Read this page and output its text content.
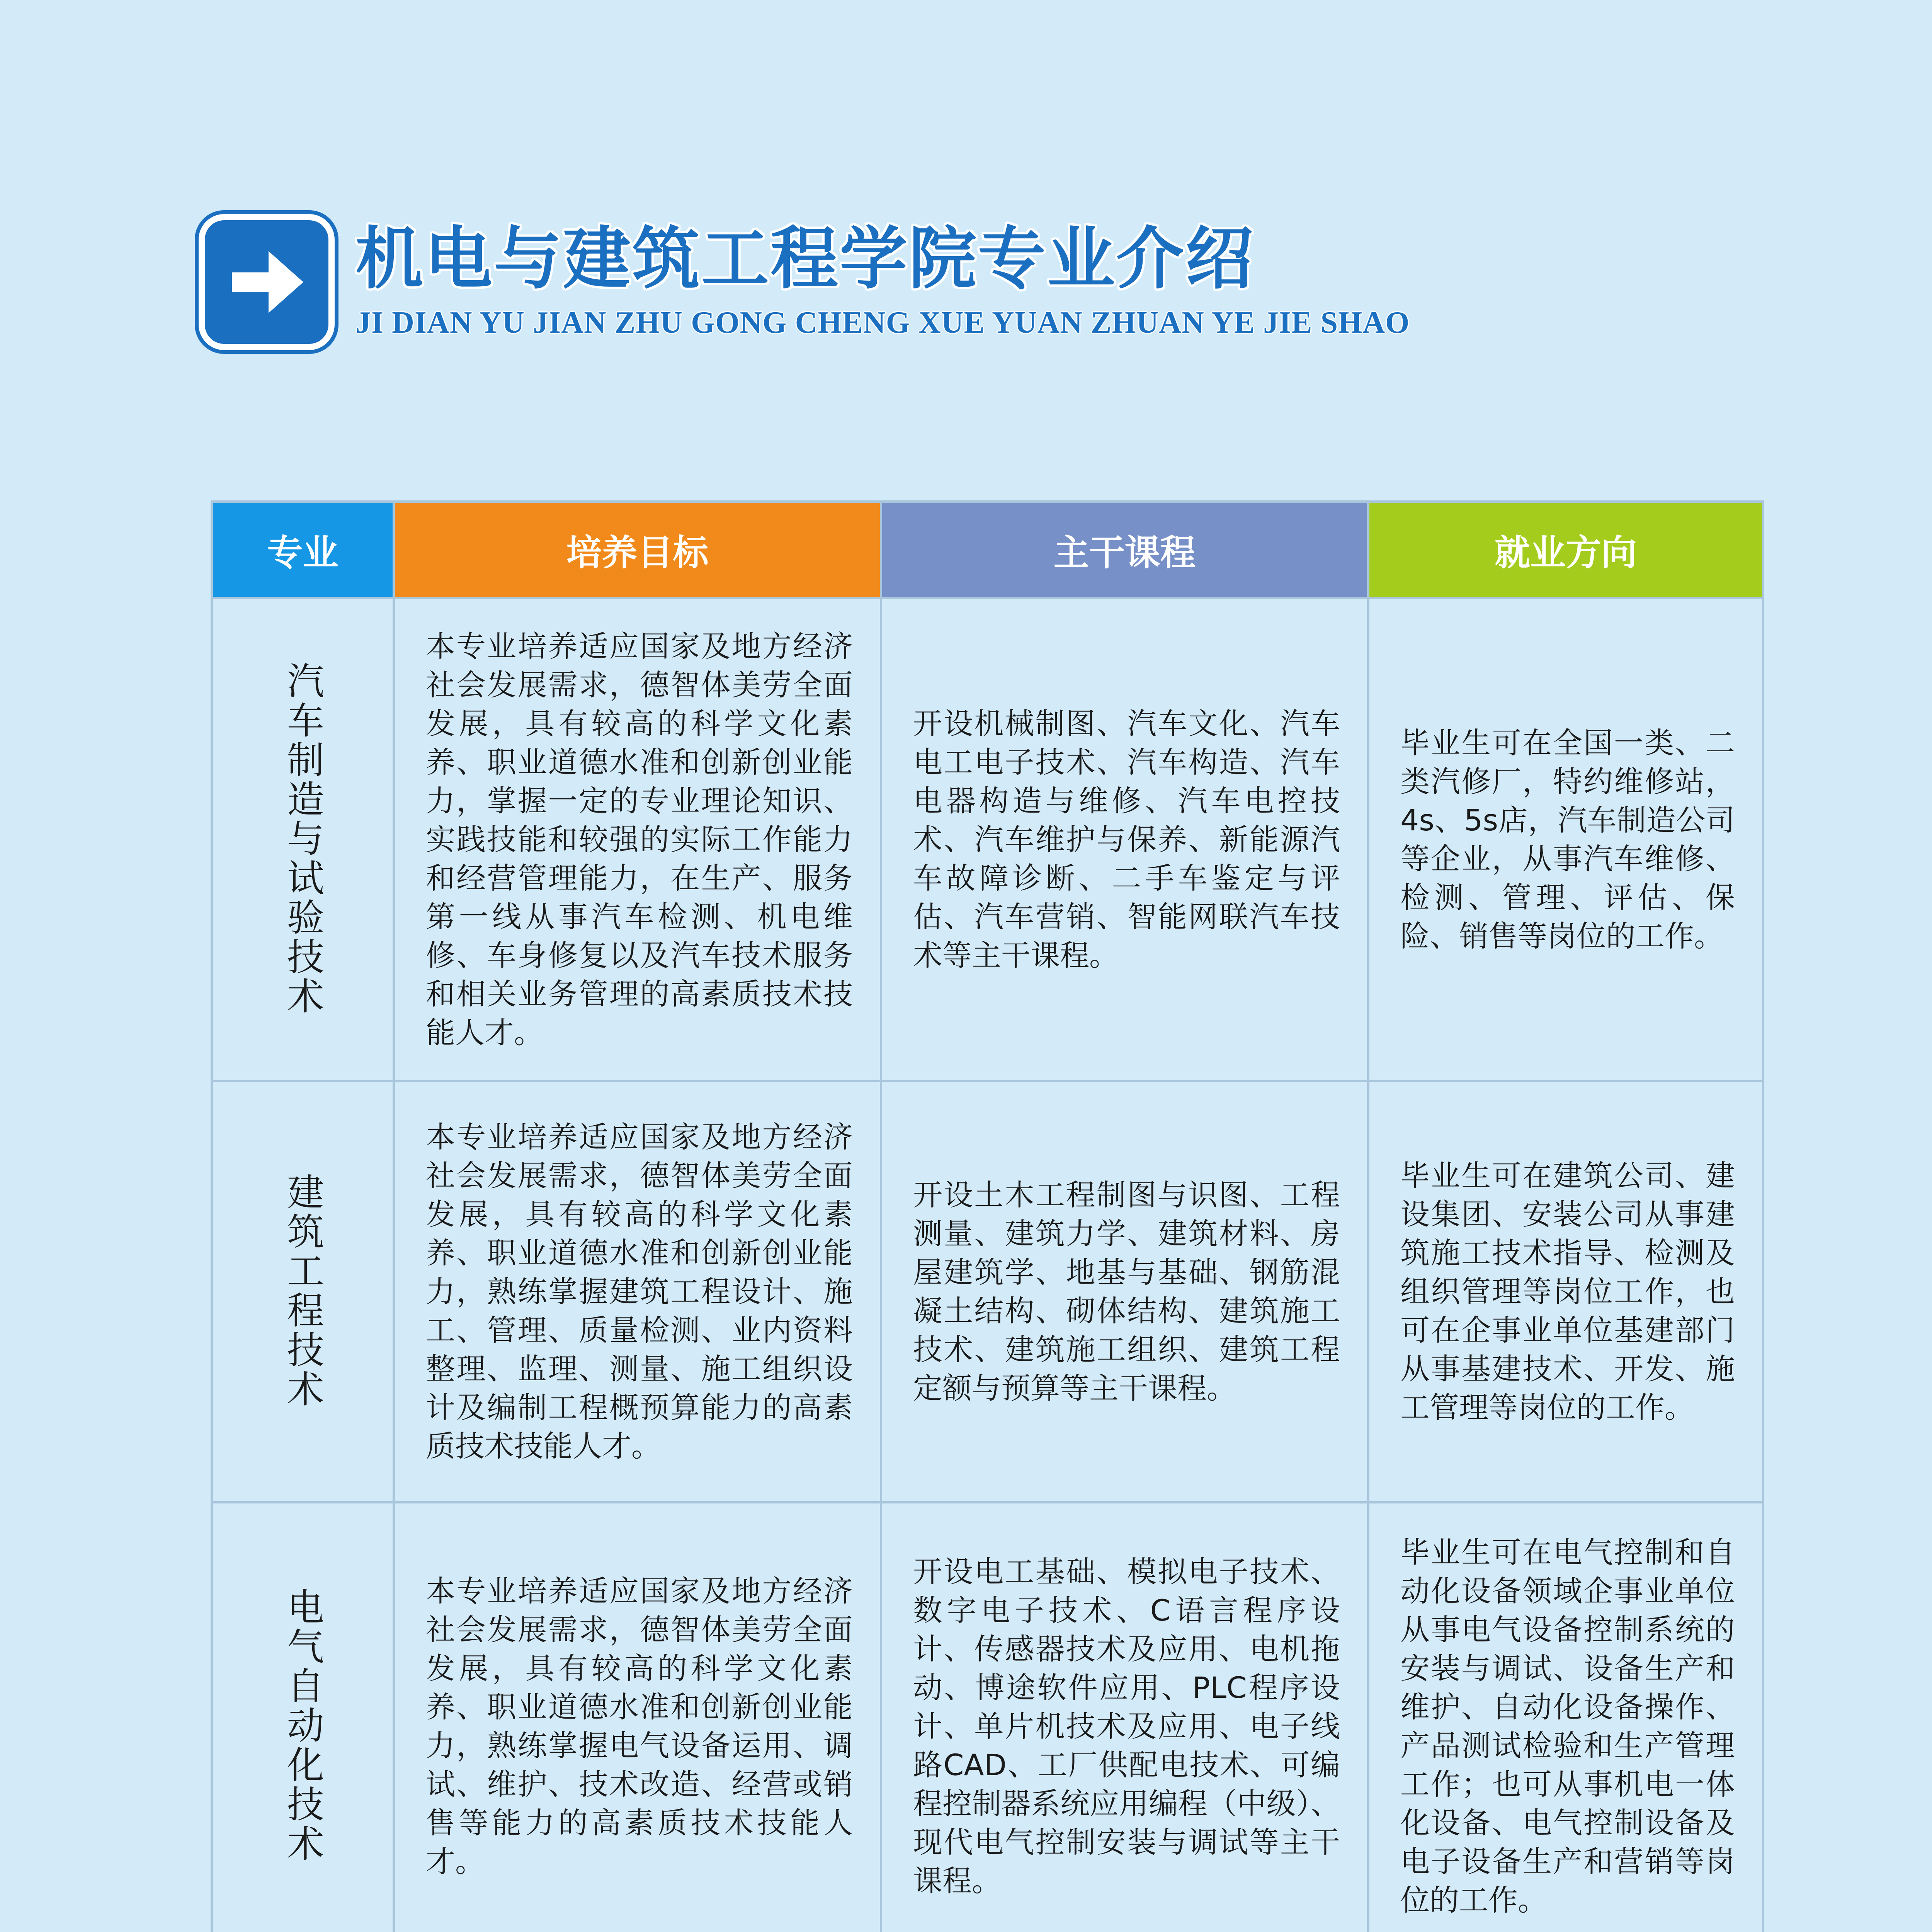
机电与建筑工程学院专业介绍
JI DIAN YU JIAN ZHU GONG CHENG XUE YUAN ZHUAN YE JIE SHAO
专业	培养目标	主干课程	就业方向
汽车制造与试验技术	本专业培养适应国家及地方经济社会发展需求，德智体美劳全面发展，具有较高的科学文化素养、职业道德水准和创新创业能力，掌握一定的专业理论知识、实践技能和较强的实际工作能力和经营管理能力，在生产、服务第一线从事汽车检测、机电维修、车身修复以及汽车技术服务和相关业务管理的高素质技术技能人才。	开设机械制图、汽车文化、汽车电工电子技术、汽车构造、汽车电器构造与维修、汽车电控技术、汽车维护与保养、新能源汽车故障诊断、二手车鉴定与评估、汽车营销、智能网联汽车技术等主干课程。	毕业生可在全国一类、二类汽修厂，特约维修站，4s、5s店，汽车制造公司等企业，从事汽车维修、检测、管理、评估、保险、销售等岗位的工作。

建筑工程技术	本专业培养适应国家及地方经济社会发展需求，德智体美劳全面发展，具有较高的科学文化素养、职业道德水准和创新创业能力，熟练掌握建筑工程设计、施工、管理、质量检测、业内资料整理、监理、测量、施工组织设计及编制工程概预算能力的高素质技术技能人才。	开设土木工程制图与识图、工程测量、建筑力学、建筑材料、房屋建筑学、地基与基础、钢筋混凝土结构、砌体结构、建筑施工技术、建筑施工组织、建筑工程定额与预算等主干课程。	毕业生可在建筑公司、建设集团、安装公司从事建筑施工技术指导、检测及组织管理等岗位工作，也可在企事业单位基建部门从事基建技术、开发、施工管理等岗位的工作。

电气自动化技术	本专业培养适应国家及地方经济社会发展需求，德智体美劳全面发展，具有较高的科学文化素养、职业道德水准和创新创业能力，熟练掌握电气设备运用、调试、维护、技术改造、经营或销售等能力的高素质技术技能人才。	开设电工基础、模拟电子技术、数字电子技术、C语言程序设计、传感器技术及应用、电机拖动、博途软件应用、PLC程序设计、单片机技术及应用、电子线路CAD、工厂供配电技术、可编程控制器系统应用编程（中级）、现代电气控制安装与调试等主干课程。	毕业生可在电气控制和自动化设备领域企事业单位从事电气设备控制系统的安装与调试、设备生产和维护、自动化设备操作、产品测试检验和生产管理工作；也可从事机电一体化设备、电气控制设备及电子设备生产和营销等岗位的工作。
